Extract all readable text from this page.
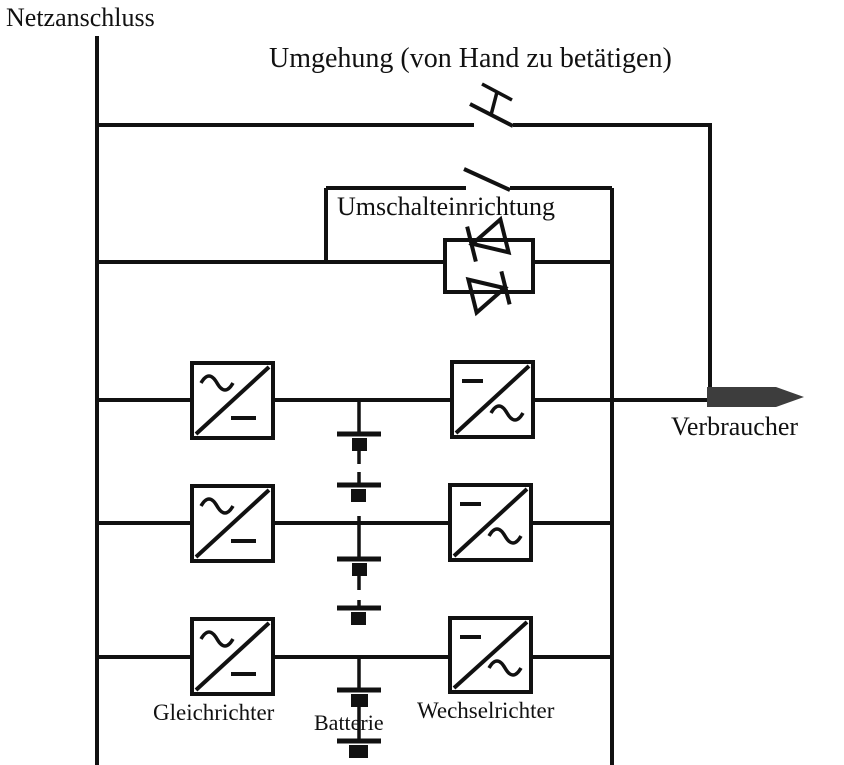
Netzanschluss
Umgehung (von Hand zu betätigen)
Umschalteinrichtung
Verbraucher
Gleichrichter Batterie Wechselrichter
